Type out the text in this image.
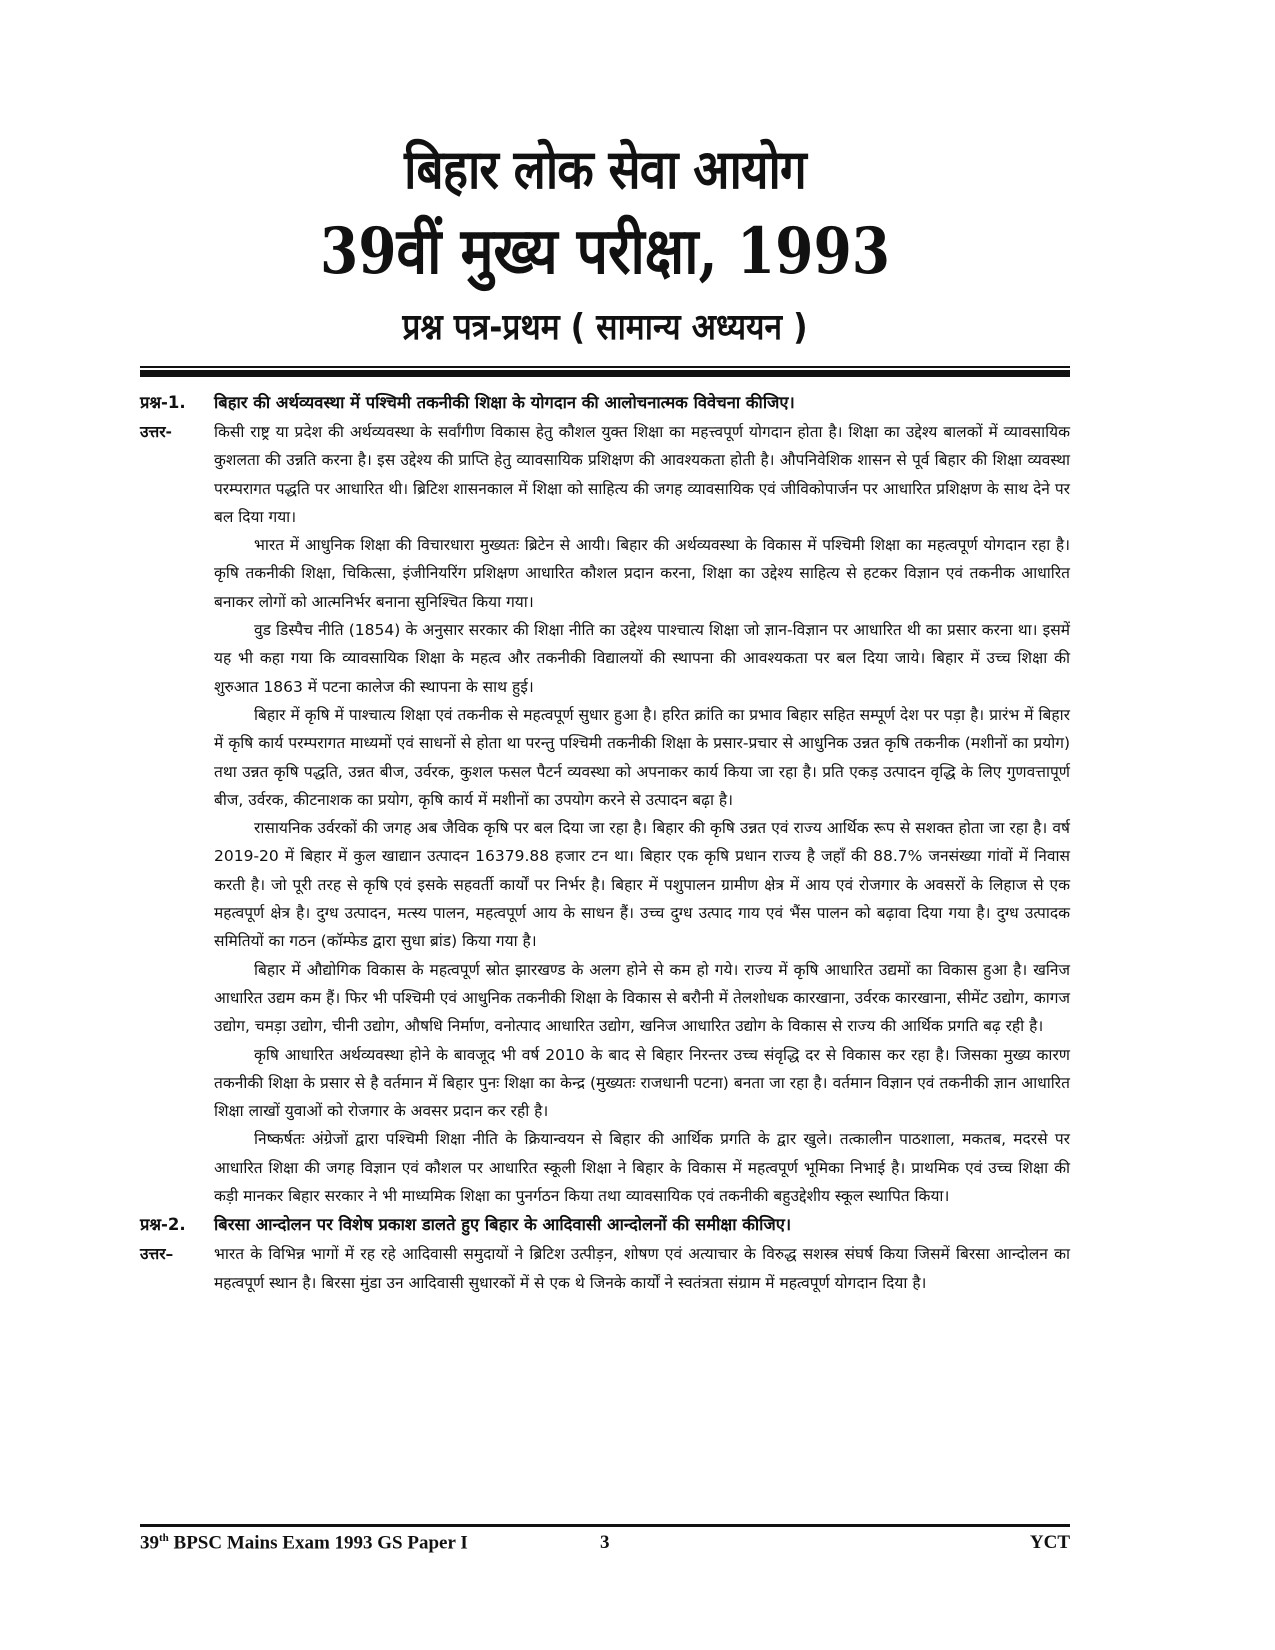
बिहार लोक सेवा आयोग
39वीं मुख्य परीक्षा, 1993
प्रश्न पत्र-प्रथम ( सामान्य अध्ययन )
प्रश्न-1.	बिहार की अर्थव्यवस्था में पश्चिमी तकनीकी शिक्षा के योगदान की आलोचनात्मक विवेचना कीजिए।
उत्तर-	किसी राष्ट्र या प्रदेश की अर्थव्यवस्था के सर्वांगीण विकास हेतु कौशल युक्त शिक्षा का महत्त्वपूर्ण योगदान होता है। शिक्षा का उद्देश्य बालकों में व्यावसायिक कुशलता की उन्नति करना है। इस उद्देश्य की प्राप्ति हेतु व्यावसायिक प्रशिक्षण की आवश्यकता होती है। औपनिवेशिक शासन से पूर्व बिहार की शिक्षा व्यवस्था परम्परागत पद्धति पर आधारित थी। ब्रिटिश शासनकाल में शिक्षा को साहित्य की जगह व्यावसायिक एवं जीविकोपार्जन पर आधारित प्रशिक्षण के साथ देने पर बल दिया गया।

भारत में आधुनिक शिक्षा की विचारधारा मुख्यतः ब्रिटेन से आयी। बिहार की अर्थव्यवस्था के विकास में पश्चिमी शिक्षा का महत्वपूर्ण योगदान रहा है। कृषि तकनीकी शिक्षा, चिकित्सा, इंजीनियरिंग प्रशिक्षण आधारित कौशल प्रदान करना, शिक्षा का उद्देश्य साहित्य से हटकर विज्ञान एवं तकनीक आधारित बनाकर लोगों को आत्मनिर्भर बनाना सुनिश्चित किया गया।

वुड डिस्पैच नीति (1854) के अनुसार सरकार की शिक्षा नीति का उद्देश्य पाश्चात्य शिक्षा जो ज्ञान-विज्ञान पर आधारित थी का प्रसार करना था। इसमें यह भी कहा गया कि व्यावसायिक शिक्षा के महत्व और तकनीकी विद्यालयों की स्थापना की आवश्यकता पर बल दिया जाये। बिहार में उच्च शिक्षा की शुरुआत 1863 में पटना कालेज की स्थापना के साथ हुई।

बिहार में कृषि में पाश्चात्य शिक्षा एवं तकनीक से महत्वपूर्ण सुधार हुआ है। हरित क्रांति का प्रभाव बिहार सहित सम्पूर्ण देश पर पड़ा है। प्रारंभ में बिहार में कृषि कार्य परम्परागत माध्यमों एवं साधनों से होता था परन्तु पश्चिमी तकनीकी शिक्षा के प्रसार-प्रचार से आधुनिक उन्नत कृषि तकनीक (मशीनों का प्रयोग) तथा उन्नत कृषि पद्धति, उन्नत बीज, उर्वरक, कुशल फसल पैटर्न व्यवस्था को अपनाकर कार्य किया जा रहा है। प्रति एकड़ उत्पादन वृद्धि के लिए गुणवत्तापूर्ण बीज, उर्वरक, कीटनाशक का प्रयोग, कृषि कार्य में मशीनों का उपयोग करने से उत्पादन बढ़ा है।

रासायनिक उर्वरकों की जगह अब जैविक कृषि पर बल दिया जा रहा है। बिहार की कृषि उन्नत एवं राज्य आर्थिक रूप से सशक्त होता जा रहा है। वर्ष 2019-20 में बिहार में कुल खाद्यान उत्पादन 16379.88 हजार टन था। बिहार एक कृषि प्रधान राज्य है जहाँ की 88.7% जनसंख्या गांवों में निवास करती है। जो पूरी तरह से कृषि एवं इसके सहवर्ती कार्यों पर निर्भर है। बिहार में पशुपालन ग्रामीण क्षेत्र में आय एवं रोजगार के अवसरों के लिहाज से एक महत्वपूर्ण क्षेत्र है। दुग्ध उत्पादन, मत्स्य पालन, महत्वपूर्ण आय के साधन हैं। उच्च दुग्ध उत्पाद गाय एवं भैंस पालन को बढ़ावा दिया गया है। दुग्ध उत्पादक समितियों का गठन (कॉम्फेड द्वारा सुधा ब्रांड) किया गया है।

बिहार में औद्योगिक विकास के महत्वपूर्ण स्रोत झारखण्ड के अलग होने से कम हो गये। राज्य में कृषि आधारित उद्यमों का विकास हुआ है। खनिज आधारित उद्यम कम हैं। फिर भी पश्चिमी एवं आधुनिक तकनीकी शिक्षा के विकास से बरौनी में तेलशोधक कारखाना, उर्वरक कारखाना, सीमेंट उद्योग, कागज उद्योग, चमड़ा उद्योग, चीनी उद्योग, औषधि निर्माण, वनोत्पाद आधारित उद्योग, खनिज आधारित उद्योग के विकास से राज्य की आर्थिक प्रगति बढ़ रही है।

कृषि आधारित अर्थव्यवस्था होने के बावजूद भी वर्ष 2010 के बाद से बिहार निरन्तर उच्च संवृद्धि दर से विकास कर रहा है। जिसका मुख्य कारण तकनीकी शिक्षा के प्रसार से है वर्तमान में बिहार पुनः शिक्षा का केन्द्र (मुख्यतः राजधानी पटना) बनता जा रहा है। वर्तमान विज्ञान एवं तकनीकी ज्ञान आधारित शिक्षा लाखों युवाओं को रोजगार के अवसर प्रदान कर रही है।

निष्कर्षतः अंग्रेजों द्वारा पश्चिमी शिक्षा नीति के क्रियान्वयन से बिहार की आर्थिक प्रगति के द्वार खुले। तत्कालीन पाठशाला, मकतब, मदरसे पर आधारित शिक्षा की जगह विज्ञान एवं कौशल पर आधारित स्कूली शिक्षा ने बिहार के विकास में महत्वपूर्ण भूमिका निभाई है। प्राथमिक एवं उच्च शिक्षा की कड़ी मानकर बिहार सरकार ने भी माध्यमिक शिक्षा का पुनर्गठन किया तथा व्यावसायिक एवं तकनीकी बहुउद्देशीय स्कूल स्थापित किया।

प्रश्न-2.	बिरसा आन्दोलन पर विशेष प्रकाश डालते हुए बिहार के आदिवासी आन्दोलनों की समीक्षा कीजिए।
उत्तर–	भारत के विभिन्न भागों में रह रहे आदिवासी समुदायों ने ब्रिटिश उत्पीड़न, शोषण एवं अत्याचार के विरुद्ध सशस्त्र संघर्ष किया जिसमें बिरसा आन्दोलन का महत्वपूर्ण स्थान है। बिरसा मुंडा उन आदिवासी सुधारकों में से एक थे जिनके कार्यों ने स्वतंत्रता संग्राम में महत्वपूर्ण योगदान दिया है।

39th BPSC Mains Exam 1993 GS Paper I	3	YCT
